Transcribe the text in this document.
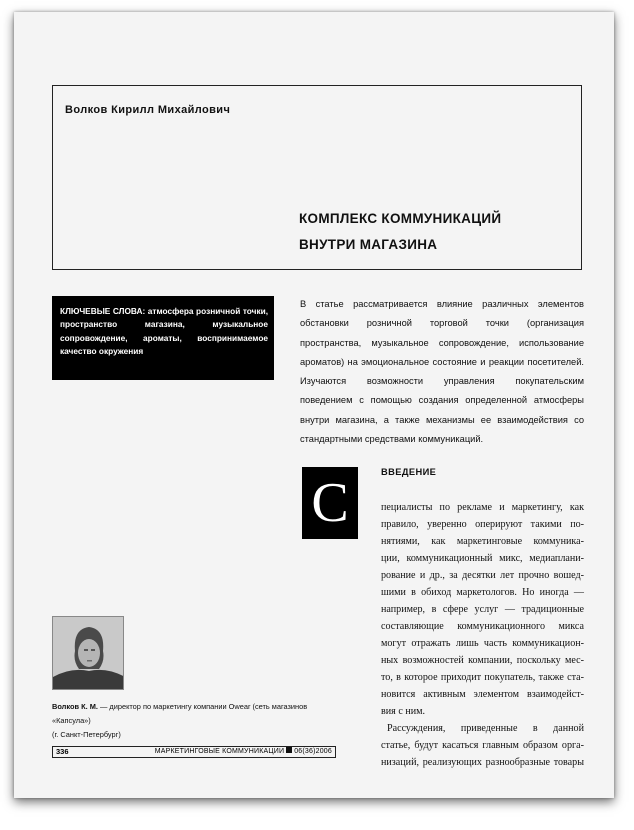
Волков Кирилл Михайлович
КОМПЛЕКС КОММУНИКАЦИЙ
ВНУТРИ МАГАЗИНА
КЛЮЧЕВЫЕ СЛОВА: атмосфера розничной точки, пространство магазина, музыкальное сопровождение, ароматы, воспринимаемое качество окружения

В статье рассматривается влияние различных элементов обстановки розничной торговой точки (организация пространства, музыкальное сопровождение, использование ароматов) на эмоциональное состояние и реакции посетителей. Изучаются возможности управления покупательским поведением с помощью создания определенной атмосферы внутри магазина, а также механизмы ее взаимодействия со стандартными средствами коммуникаций.

С	ВВЕДЕНИЕ
пециалисты по рекламе и маркетингу, как
правило, уверенно оперируют такими по-
нятиями, как маркетинговые коммуника-
ции, коммуникационный микс, медиаплани-
рование и др., за десятки лет прочно вошед-
шими в обиход маркетологов. Но иногда —
например, в сфере услуг — традиционные
составляющие коммуникационного микса
могут отражать лишь часть коммуникацион-
ных возможностей компании, поскольку мес-
то, в которое приходит покупатель, также ста-
новится активным элементом взаимодейст-
вия с ним.
Рассуждения, приведенные в данной
статье, будут касаться главным образом орга-
низаций, реализующих разнообразные товары

Волков К. М. — директор по маркетингу компании Owear (сеть магазинов «Капсула»)
(г. Санкт-Петербург)

336	МАРКЕТИНГОВЫЕ КОММУНИКАЦИИ 06(36)2006
